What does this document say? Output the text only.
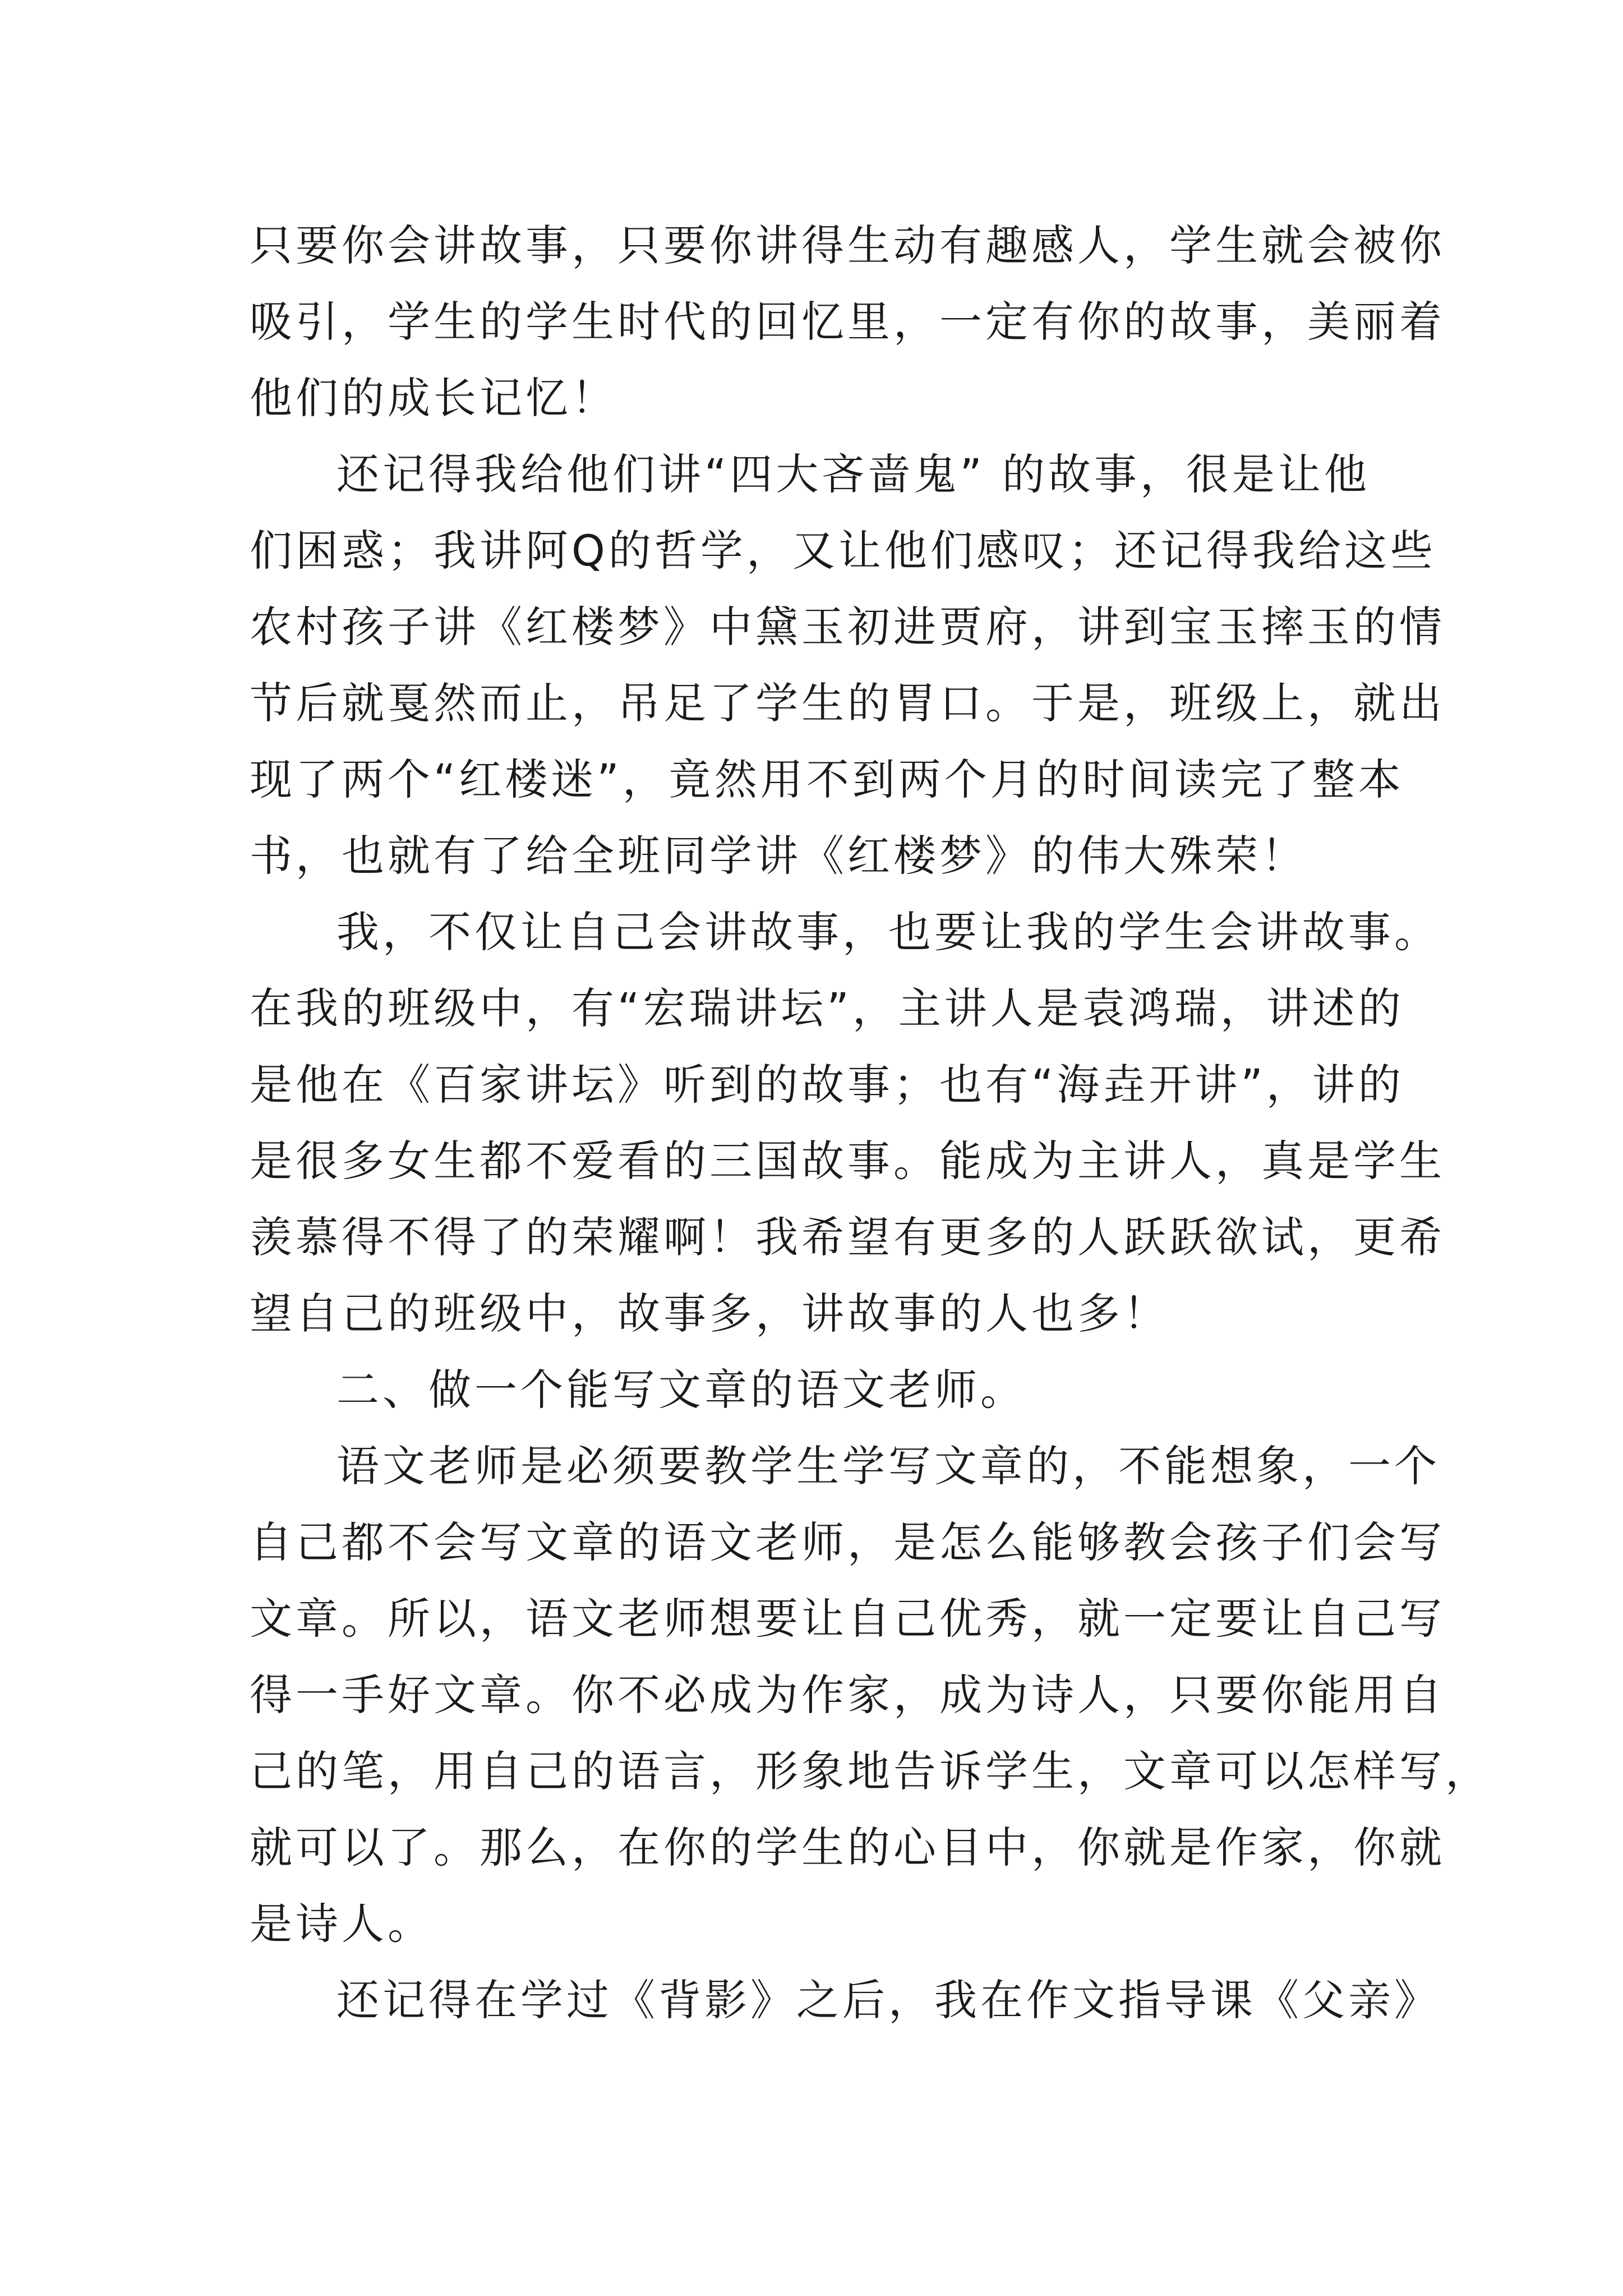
只要你会讲故事，只要你讲得生动有趣感人，学生就会被你
吸引，学生的学生时代的回忆里，一定有你的故事，美丽着
他们的成长记忆！
还记得我给他们讲“四大吝啬鬼” 的故事，很是让他
们困惑；我讲阿Q的哲学，又让他们感叹；还记得我给这些
农村孩子讲《红楼梦》中黛玉初进贾府，讲到宝玉摔玉的情
节后就戛然而止，吊足了学生的胃口。于是，班级上，就出
现了两个“红楼迷”，竟然用不到两个月的时间读完了整本
书，也就有了给全班同学讲《红楼梦》的伟大殊荣！
我，不仅让自己会讲故事，也要让我的学生会讲故事。
在我的班级中，有“宏瑞讲坛”，主讲人是袁鸿瑞，讲述的
是他在《百家讲坛》听到的故事；也有“海垚开讲”，讲的
是很多女生都不爱看的三国故事。能成为主讲人，真是学生
羡慕得不得了的荣耀啊！我希望有更多的人跃跃欲试，更希
望自己的班级中，故事多，讲故事的人也多！
二、做一个能写文章的语文老师。
语文老师是必须要教学生学写文章的，不能想象，一个
自己都不会写文章的语文老师，是怎么能够教会孩子们会写
文章。所以，语文老师想要让自己优秀，就一定要让自己写
得一手好文章。你不必成为作家，成为诗人，只要你能用自
己的笔，用自己的语言，形象地告诉学生，文章可以怎样写，
就可以了。那么，在你的学生的心目中，你就是作家，你就
是诗人。
还记得在学过《背影》之后，我在作文指导课《父亲》
